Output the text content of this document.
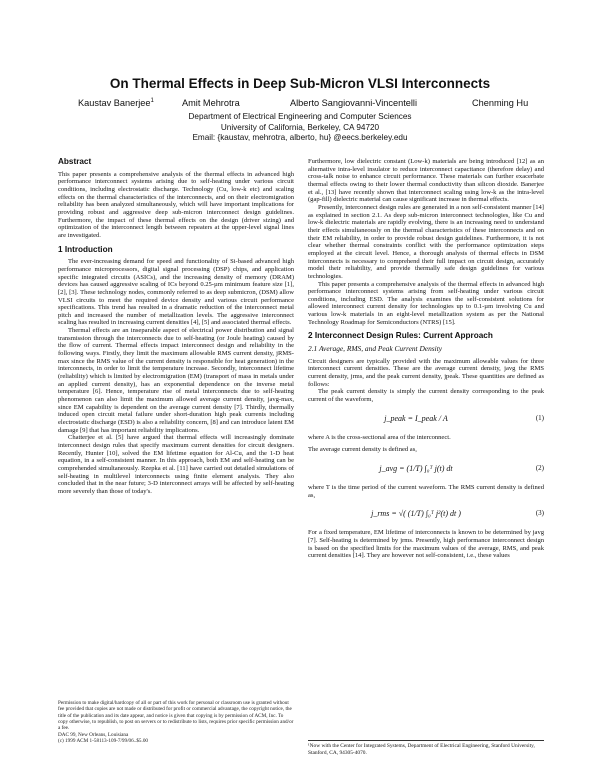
On Thermal Effects in Deep Sub-Micron VLSI Interconnects
Kaustav Banerjee$^1$	Amit Mehrotra	Alberto Sangiovanni-Vincentelli	Chenming Hu
Department of Electrical Engineering and Computer Sciences
University of California, Berkeley, CA 94720
Email: {kaustav, mehrotra, alberto, hu} @eecs.berkeley.edu
Abstract

This paper presents a comprehensive analysis of the thermal effects in advanced high performance interconnect systems arising due to self-heating under various circuit conditions, including electrostatic discharge. Technology (Cu, low-k etc) and scaling effects on the thermal characteristics of the interconnects, and on their electromigration reliability has been analyzed simultaneously, which will have important implications for providing robust and aggressive deep sub-micron interconnect design guidelines. Furthermore, the impact of these thermal effects on the design (driver sizing) and optimization of the interconnect length between repeaters at the upper-level signal lines are investigated.

1 Introduction

The ever-increasing demand for speed and functionality of Si-based advanced high performance microprocessors, digital signal processing (DSP) chips, and application specific integrated circuits (ASICs), and the increasing density of memory (DRAM) devices has caused aggressive scaling of ICs beyond 0.25-µm minimum feature size [1], [2], [3]. These technology nodes, commonly referred to as deep submicron, (DSM) allow VLSI circuits to meet the required device density and various circuit performance specifications. This trend has resulted in a dramatic reduction of the interconnect metal pitch and increased the number of metallization levels. The aggressive interconnect scaling has resulted in increasing current densities [4], [5] and associated thermal effects.

Thermal effects are an inseparable aspect of electrical power distribution and signal transmission through the interconnects due to self-heating (or Joule heating) caused by the flow of current. Thermal effects impact interconnect design and reliability in the following ways. Firstly, they limit the maximum allowable RMS current density, jRMS-max since the RMS value of the current density is responsible for heat generation) in the interconnects, in order to limit the temperature increase. Secondly, interconnect lifetime (reliability) which is limited by electromigration (EM) (transport of mass in metals under an applied current density), has an exponential dependence on the inverse metal temperature [6]. Hence, temperature rise of metal interconnects due to self-heating phenomenon can also limit the maximum allowed average current density, javg-max, since EM capability is dependent on the average current density [7]. Thirdly, thermally induced open circuit metal failure under short-duration high peak currents including electrostatic discharge (ESD) is also a reliability concern, [8] and can introduce latent EM damage [9] that has important reliability implications.

Chatterjee et al. [5] have argued that thermal effects will increasingly dominate interconnect design rules that specify maximum current densities for circuit designers. Recently, Hunter [10], solved the EM lifetime equation for Al-Cu, and the 1-D heat equation, in a self-consistent manner. In this approach, both EM and self-heating can be comprehended simultaneously. Rzepka et al. [11] have carried out detailed simulations of self-heating in multilevel interconnects using finite element analysis. They also concluded that in the near future; 3-D interconnect arrays will be affected by self-heating more severely than those of today's.

Permission to make digital/hardcopy of all or part of this work for personal or classroom use is granted without fee provided that copies are not made or distributed for profit or commercial advantage, the copyright notice, the title of the publication and its date appear, and notice is given that copying is by permission of ACM, Inc. To copy otherwise, to republish, to post on servers or to redistribute to lists, requires prior specific permission and/or a fee.

DAC 99, New Orleans, Louisiana

(c) 1999 ACM 1-58113-109-7/99/06..$5.00

Furthermore, low dielectric constant (Low-k) materials are being introduced [12] as an alternative intra-level insulator to reduce interconnect capacitance (therefore delay) and cross-talk noise to enhance circuit performance. These materials can further exacerbate thermal effects owing to their lower thermal conductivity than silicon dioxide. Banerjee et al., [13] have recently shown that interconnect scaling using low-k as the intra-level (gap-fill) dielectric material can cause significant increase in thermal effects.

Presently, interconnect design rules are generated in a non self-consistent manner [14] as explained in section 2.1. As deep sub-micron interconnect technologies, like Cu and low-k dielectric materials are rapidly evolving, there is an increasing need to understand their effects simultaneously on the thermal characteristics of these interconnects and on their EM reliability, in order to provide robust design guidelines. Furthermore, it is not clear whether thermal constraints conflict with the performance optimization steps employed at the circuit level. Hence, a thorough analysis of thermal effects in DSM interconnects is necessary to comprehend their full impact on circuit design, accurately model their reliability, and provide thermally safe design guidelines for various technologies.

This paper presents a comprehensive analysis of the thermal effects in advanced high performance interconnect systems arising from self-heating under various circuit conditions, including ESD. The analysis examines the self-consistent solutions for allowed interconnect current density for technologies up to 0.1-µm involving Cu and various low-k materials in an eight-level metallization system as per the National Technology Roadmap for Semiconductors (NTRS) [15].

2 Interconnect Design Rules: Current Approach
2.1 Average, RMS, and Peak Current Density

Circuit designers are typically provided with the maximum allowable values for three interconnect current densities. These are the average current density, javg the RMS current density, jrms, and the peak current density, jpeak. These quantities are defined as follows:

The peak current density is simply the current density corresponding to the peak current of the waveform,

j_peak = I_peak / A	(1)

where A is the cross-sectional area of the interconnect.

The average current density is defined as,

j_avg = (1/T) ∫₀ᵀ j(t) dt	(2)

where T is the time period of the current waveform. The RMS current density is defined as,

j_rms = √( (1/T) ∫₀ᵀ j²(t) dt )	(3)

For a fixed temperature, EM lifetime of interconnects is known to be determined by javg [7]. Self-heating is determined by jrms. Presently, high performance interconnect design is based on the specified limits for the maximum values of the average, RMS, and peak current densities [14]. They are however not self-consistent, i.e., these values

¹Now with the Center for Integrated Systems, Department of Electrical Engineering, Stanford University, Stanford, CA, 94305-4070.
